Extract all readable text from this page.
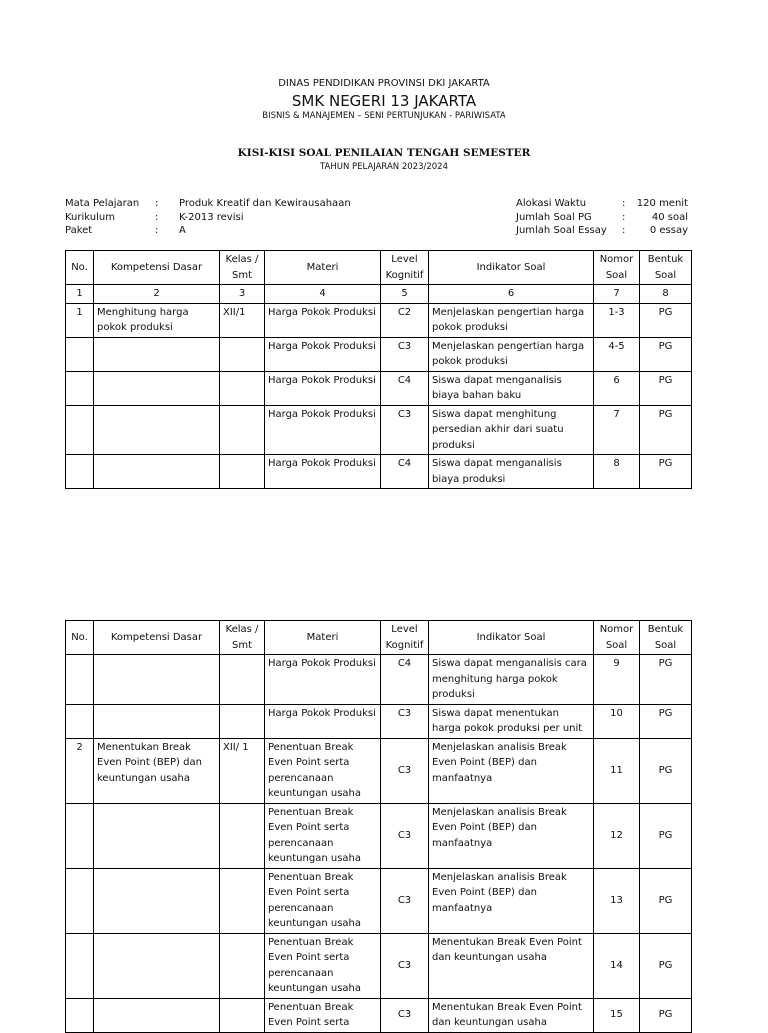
DINAS PENDIDIKAN PROVINSI DKI JAKARTA
SMK NEGERI 13 JAKARTA
BISNIS & MANAJEMEN – SENI PERTUNJUKAN - PARIWISATA
KISI-KISI SOAL PENILAIAN TENGAH SEMESTER
TAHUN PELAJARAN 2023/2024
Mata Pelajaran : Produk Kreatif dan Kewirausahaan
Kurikulum	: K-2013 revisi
Paket	: A
Alokasi Waktu	: 120 menit
Jumlah Soal PG	:	40 soal
Jumlah Soal Essay : 0 essay
No.	Kompetensi Dasar	Kelas / Smt	Materi	Level Kognitif	Indikator Soal	Nomor Soal	Bentuk Soal
1	2	3	4	5	6	7	8
1	Menghitung harga pokok produksi	XII/1	Harga Pokok Produksi	C2	Menjelaskan pengertian harga pokok produksi	1-3	PG
			Harga Pokok Produksi	C3	Menjelaskan pengertian harga pokok produksi	4-5	PG
			Harga Pokok Produksi	C4	Siswa dapat menganalisis biaya bahan baku	6	PG
			Harga Pokok Produksi	C3	Siswa dapat menghitung persedian akhir dari suatu produksi	7	PG
			Harga Pokok Produksi	C4	Siswa dapat menganalisis biaya produksi	8	PG
No.	Kompetensi Dasar	Kelas / Smt	Materi	Level Kognitif	Indikator Soal	Nomor Soal	Bentuk Soal
			Harga Pokok Produksi	C4	Siswa dapat menganalisis cara menghitung harga pokok produksi	9	PG
			Harga Pokok Produksi	C3	Siswa dapat menentukan harga pokok produksi per unit	10	PG
2	Menentukan Break Even Point (BEP) dan keuntungan usaha	XII/ 1	Penentuan Break Even Point serta perencanaan keuntungan usaha	C3	Menjelaskan analisis Break Even Point (BEP) dan manfaatnya	11	PG
			Penentuan Break Even Point serta perencanaan keuntungan usaha	C3	Menjelaskan analisis Break Even Point (BEP) dan manfaatnya	12	PG
			Penentuan Break Even Point serta perencanaan keuntungan usaha	C3	Menjelaskan analisis Break Even Point (BEP) dan manfaatnya	13	PG
			Penentuan Break Even Point serta perencanaan keuntungan usaha	C3	Menentukan Break Even Point dan keuntungan usaha	14	PG
			Penentuan Break Even Point serta	C3	Menentukan Break Even Point dan keuntungan usaha	15	PG
